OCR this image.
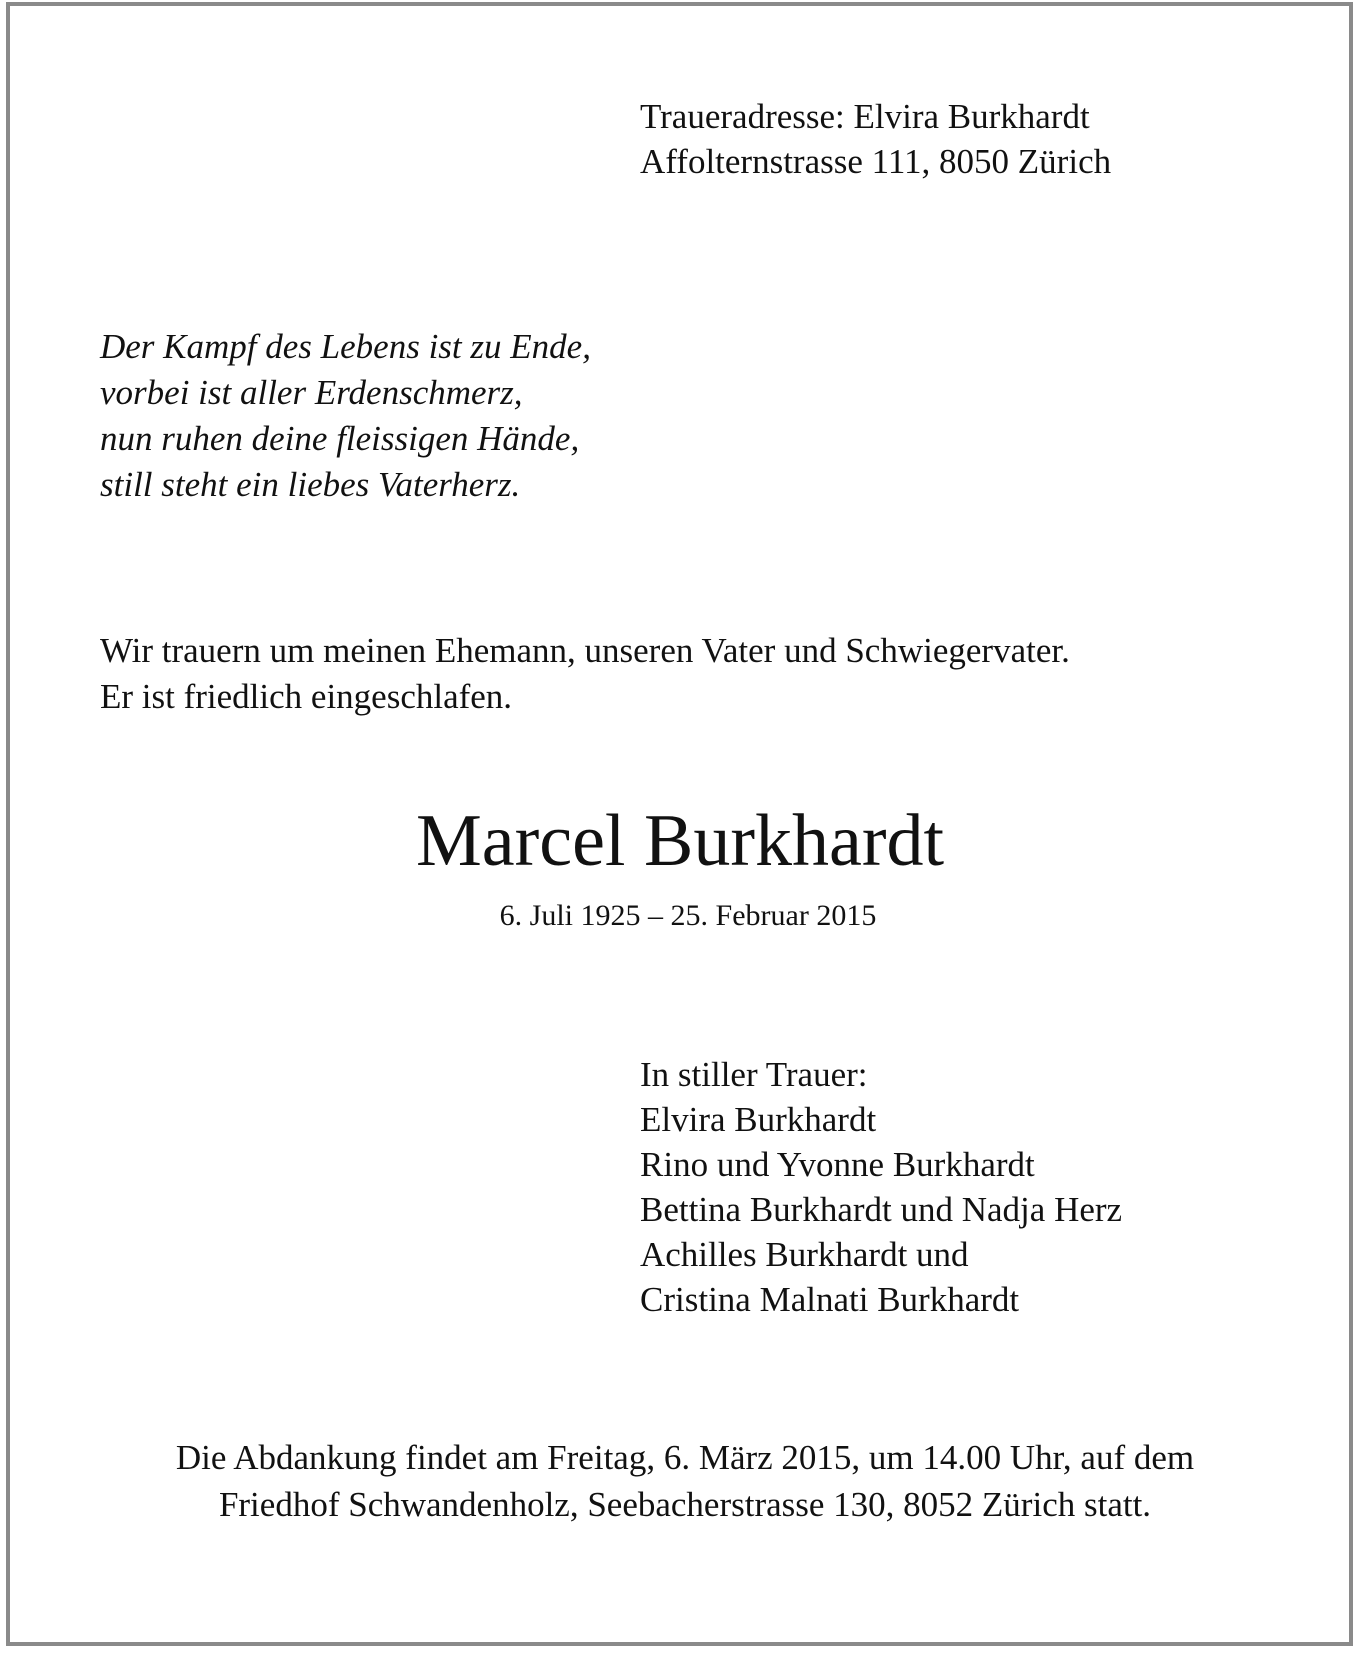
Traueradresse: Elvira Burkhardt
Affolternstrasse 111, 8050 Zürich
Der Kampf des Lebens ist zu Ende,
vorbei ist aller Erdenschmerz,
nun ruhen deine fleissigen Hände,
still steht ein liebes Vaterherz.
Wir trauern um meinen Ehemann, unseren Vater und Schwiegervater.
Er ist friedlich eingeschlafen.
Marcel Burkhardt
6. Juli 1925 – 25. Februar 2015
In stiller Trauer:
Elvira Burkhardt
Rino und Yvonne Burkhardt
Bettina Burkhardt und Nadja Herz
Achilles Burkhardt und
Cristina Malnati Burkhardt
Die Abdankung findet am Freitag, 6. März 2015, um 14.00 Uhr, auf dem Friedhof Schwandenholz, Seebacherstrasse 130, 8052 Zürich statt.
